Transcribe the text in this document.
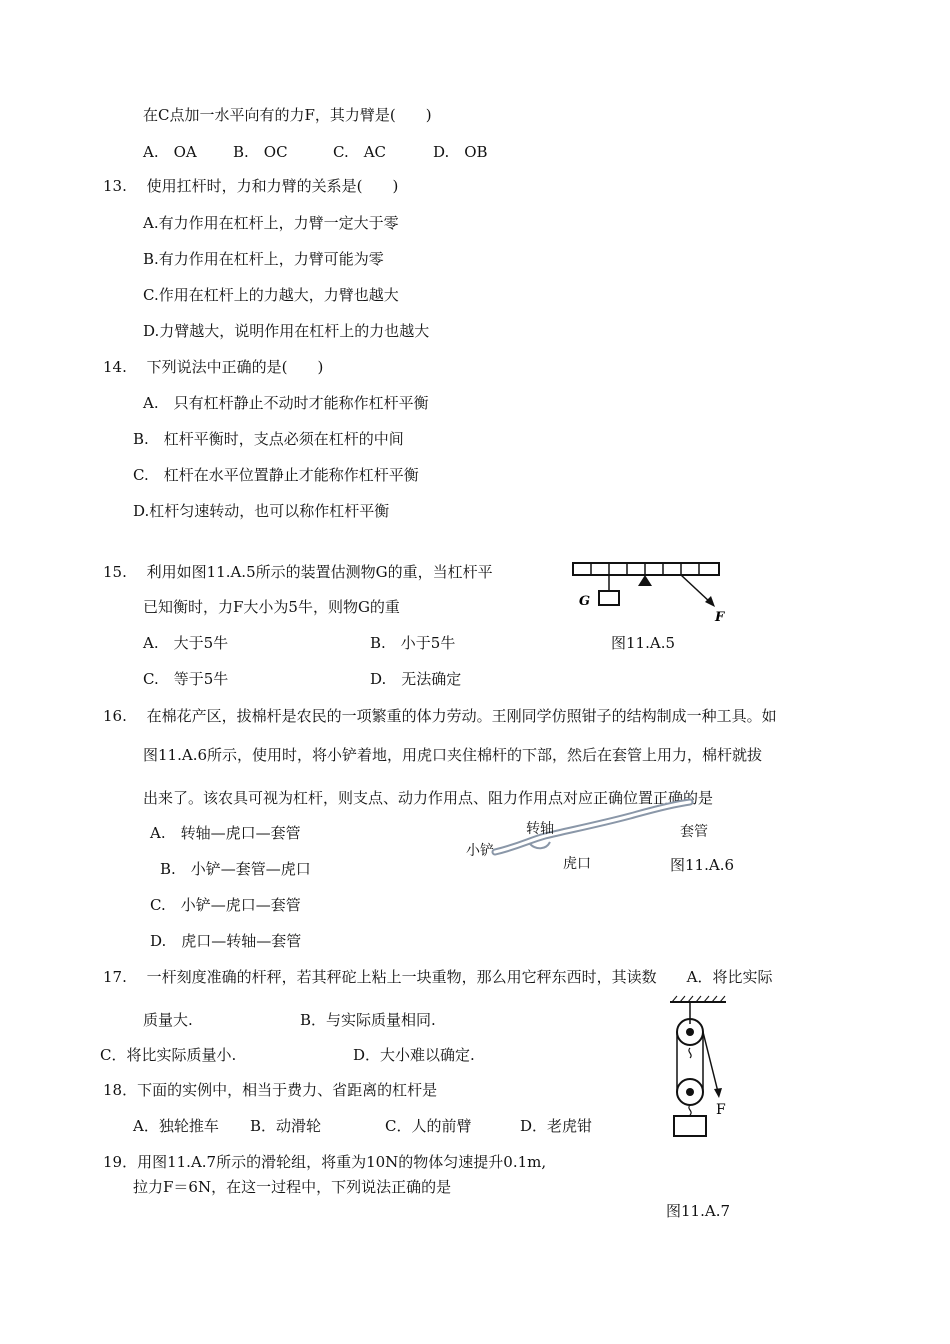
在C点加一水平向有的力F，其力臂是(　　)
A.　OA B.　OC	C.　AC	D.　OB
13.　 使用扛杆时，力和力臂的关系是(　　)
A.有力作用在杠杆上，力臂一定大于零
B.有力作用在杠杆上，力臂可能为零
C.作用在杠杆上的力越大，力臂也越大
D.力臂越大，说明作用在杠杆上的力也越大
14.　 下列说法中正确的是(　　)
A.　只有杠杆静止不动时才能称作杠杆平衡
B.　杠杆平衡时，支点必须在杠杆的中间
C.　杠杆在水平位置静止才能称作杠杆平衡
D.杠杆匀速转动，也可以称作杠杆平衡
15.　 利用如图11.A.5所示的装置估测物G的重，当杠杆平
已知衡时，力F大小为5牛，则物G的重
A.　大于5牛	B.　小于5牛
C.　等于5牛	D.　无法确定
G
F
图11.A.5
16.　 在棉花产区，拔棉杆是农民的一项繁重的体力劳动。王刚同学仿照钳子的结构制成一种工具。如
图11.A.6所示，使用时，将小铲着地，用虎口夹住棉杆的下部，然后在套管上用力，棉杆就拔
出来了。该农具可视为杠杆，则支点、动力作用点、阻力作用点对应正确位置正确的是
A.　转轴—虎口—套管
B.　小铲—套管—虎口
C.　小铲—虎口—套管
D.　虎口—转轴—套管
转轴	套管
小铲
虎口	图11.A.6
17.　 一杆刻度准确的杆秤，若其秤砣上粘上一块重物，那么用它秤东西时，其读数　　A．将比实际
质量大.	B．与实际质量相同.
C．将比实际质量小.	D．大小难以确定.
18．下面的实例中，相当于费力、省距离的杠杆是
A．独轮推车 B．动滑轮	C．人的前臂	D．老虎钳
19．用图11.A.7所示的滑轮组，将重为10N的物体匀速提升0.1m,
拉力F＝6N，在这一过程中，下列说法正确的是
F
图11.A.7
